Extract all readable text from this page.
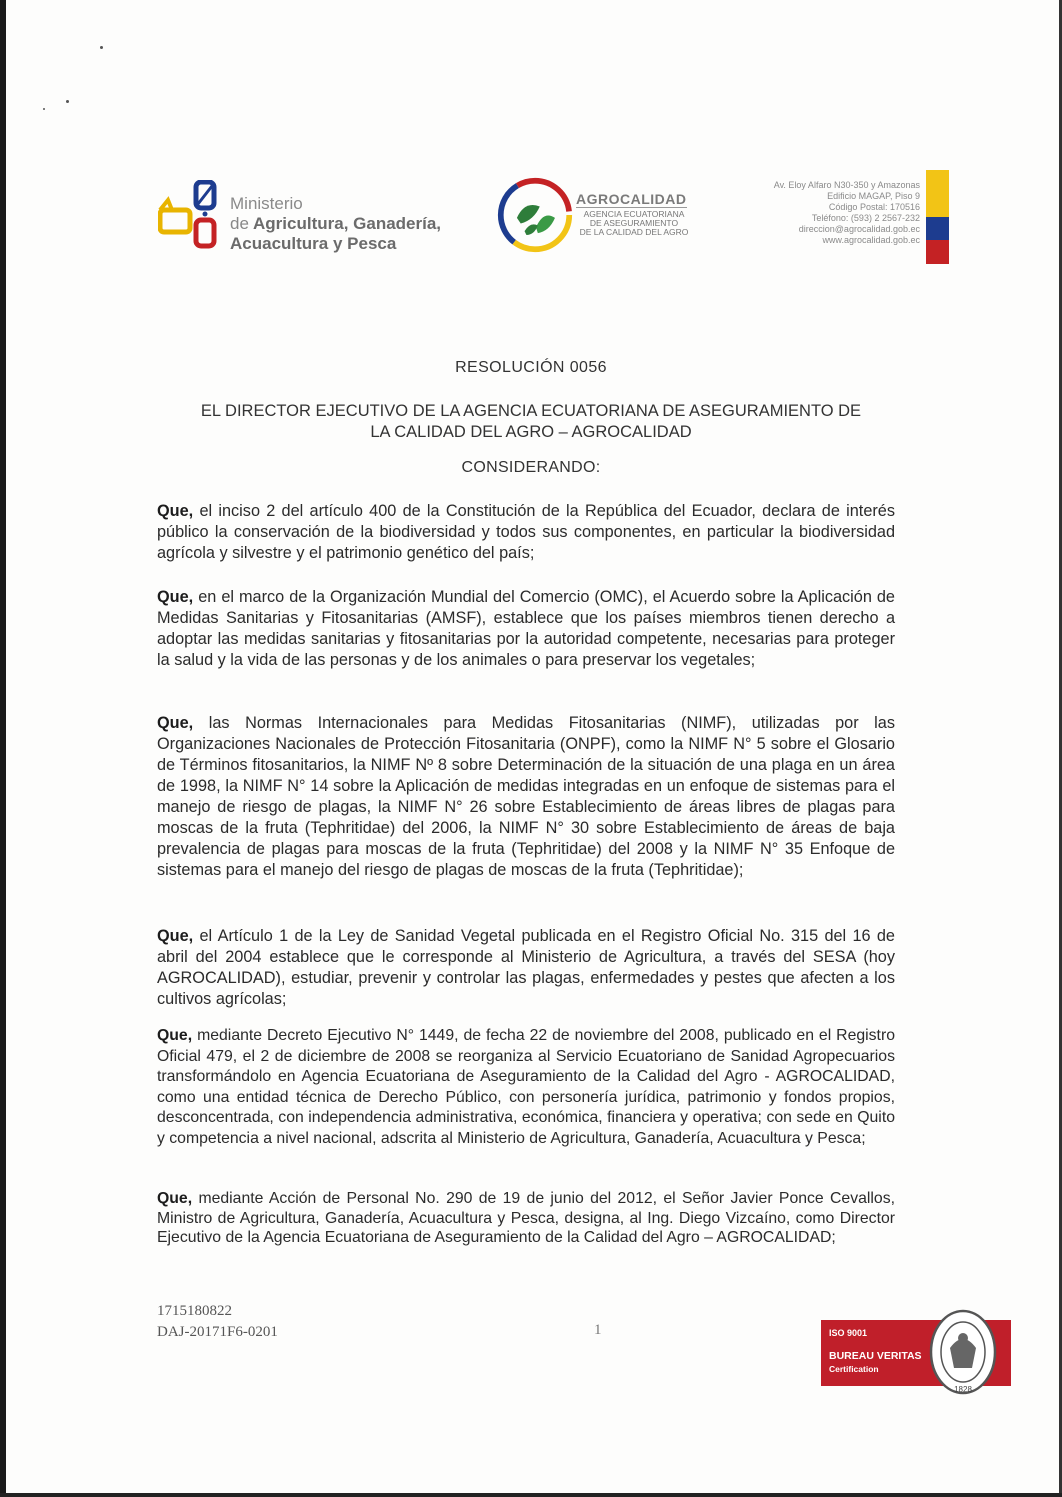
Ministerio
de Agricultura, Ganadería,
Acuacultura y Pesca
AGROCALIDAD
AGENCIA ECUATORIANA
DE ASEGURAMIENTO
DE LA CALIDAD DEL AGRO
Av. Eloy Alfaro N30-350 y Amazonas
Edificio MAGAP, Piso 9
Código Postal: 170516
Teléfono: (593) 2 2567-232
direccion@agrocalidad.gob.ec
www.agrocalidad.gob.ec
RESOLUCIÓN 0056
EL DIRECTOR EJECUTIVO DE LA AGENCIA ECUATORIANA DE ASEGURAMIENTO DE
LA CALIDAD DEL AGRO – AGROCALIDAD
CONSIDERANDO:
Que, el inciso 2 del artículo 400 de la Constitución de la República del Ecuador, declara de interés público la conservación de la biodiversidad y todos sus componentes, en particular la biodiversidad agrícola y silvestre y el patrimonio genético del país;
Que, en el marco de la Organización Mundial del Comercio (OMC), el Acuerdo sobre la Aplicación de Medidas Sanitarias y Fitosanitarias (AMSF), establece que los países miembros tienen derecho a adoptar las medidas sanitarias y fitosanitarias por la autoridad competente, necesarias para proteger la salud y la vida de las personas y de los animales o para preservar los vegetales;
Que, las Normas Internacionales para Medidas Fitosanitarias (NIMF), utilizadas por las Organizaciones Nacionales de Protección Fitosanitaria (ONPF), como la NIMF N° 5 sobre el Glosario de Términos fitosanitarios, la NIMF Nº 8 sobre Determinación de la situación de una plaga en un área de 1998, la NIMF N° 14 sobre la Aplicación de medidas integradas en un enfoque de sistemas para el manejo de riesgo de plagas, la NIMF N° 26 sobre Establecimiento de áreas libres de plagas para moscas de la fruta (Tephritidae) del 2006, la NIMF N° 30 sobre Establecimiento de áreas de baja prevalencia de plagas para moscas de la fruta (Tephritidae) del 2008 y la NIMF N° 35 Enfoque de sistemas para el manejo del riesgo de plagas de moscas de la fruta (Tephritidae);
Que, el Artículo 1 de la Ley de Sanidad Vegetal publicada en el Registro Oficial No. 315 del 16 de abril del 2004 establece que le corresponde al Ministerio de Agricultura, a través del SESA (hoy AGROCALIDAD), estudiar, prevenir y controlar las plagas, enfermedades y pestes que afecten a los cultivos agrícolas;
Que, mediante Decreto Ejecutivo N° 1449, de fecha 22 de noviembre del 2008, publicado en el Registro Oficial 479, el 2 de diciembre de 2008 se reorganiza al Servicio Ecuatoriano de Sanidad Agropecuarios transformándolo en Agencia Ecuatoriana de Aseguramiento de la Calidad del Agro - AGROCALIDAD, como una entidad técnica de Derecho Público, con personería jurídica, patrimonio y fondos propios, desconcentrada, con independencia administrativa, económica, financiera y operativa; con sede en Quito y competencia a nivel nacional, adscrita al Ministerio de Agricultura, Ganadería, Acuacultura y Pesca;
Que, mediante Acción de Personal No. 290 de 19 de junio del 2012, el Señor Javier Ponce Cevallos, Ministro de Agricultura, Ganadería, Acuacultura y Pesca, designa, al Ing. Diego Vizcaíno, como Director Ejecutivo de la Agencia Ecuatoriana de Aseguramiento de la Calidad del Agro – AGROCALIDAD;
1715180822
DAJ-20171F6-0201	1	ISO 9001
BUREAU VERITAS
Certification
1828
